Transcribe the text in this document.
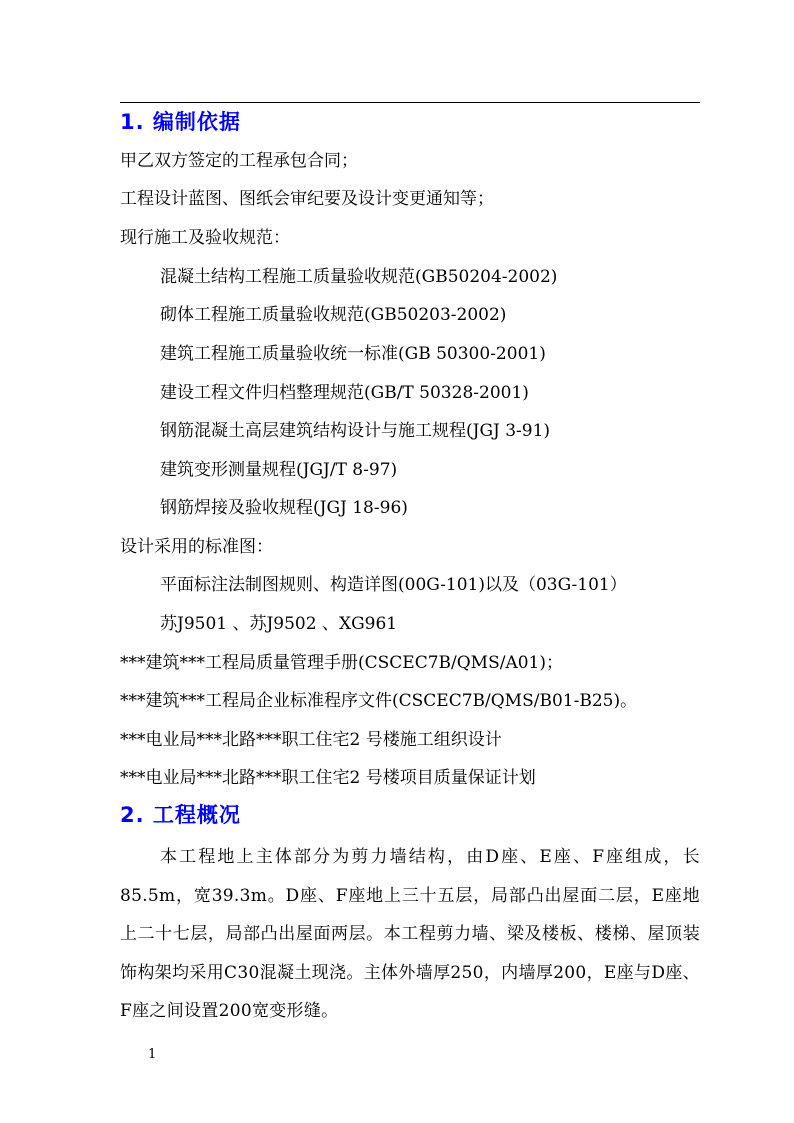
1. 编制依据
甲乙双方签定的工程承包合同；
工程设计蓝图、图纸会审纪要及设计变更通知等；
现行施工及验收规范：
混凝土结构工程施工质量验收规范(GB50204-2002)
砌体工程施工质量验收规范(GB50203-2002)
建筑工程施工质量验收统一标准(GB 50300-2001)
建设工程文件归档整理规范(GB/T 50328-2001)
钢筋混凝土高层建筑结构设计与施工规程(JGJ 3-91)
建筑变形测量规程(JGJ/T 8-97)
钢筋焊接及验收规程(JGJ 18-96)
设计采用的标准图：
平面标注法制图规则、构造详图(00G-101)以及（03G-101）
苏J9501 、苏J9502 、XG961
***建筑***工程局质量管理手册(CSCEC7B/QMS/A01)；
***建筑***工程局企业标准程序文件(CSCEC7B/QMS/B01-B25)。
***电业局***北路***职工住宅2 号楼施工组织设计
***电业局***北路***职工住宅2 号楼项目质量保证计划
2. 工程概况
本工程地上主体部分为剪力墙结构，由D座、E座、F座组成，长85.5m，宽39.3m。D座、F座地上三十五层，局部凸出屋面二层，E座地上二十七层，局部凸出屋面两层。本工程剪力墙、梁及楼板、楼梯、屋顶装饰构架均采用C30混凝土现浇。主体外墙厚250，内墙厚200，E座与D座、F座之间设置200宽变形缝。
1
